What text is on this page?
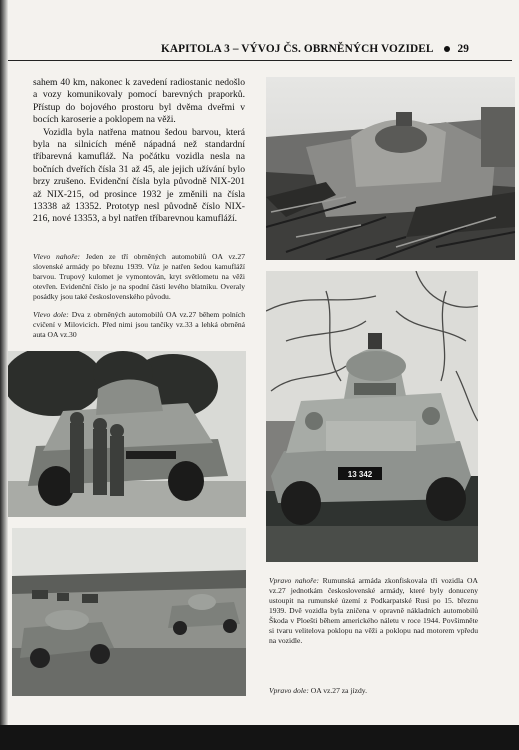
KAPITOLA 3 – VÝVOJ ČS. OBRNĚNÝCH VOZIDEL 29

sahem 40 km, nakonec k zavedení radiostanic nedošlo a vozy komunikovaly pomocí barevných praporků. Přístup do bojového prostoru byl dvěma dveřmi v bocích karoserie a poklopem na věži.

Vozidla byla natřena matnou šedou barvou, která byla na silnicích méně nápadná než standardní tříbarevná kamufláž. Na počátku vozidla nesla na bočních dveřích čísla 31 až 45, ale jejich užívání bylo brzy zrušeno. Evidenční čísla byla původně NIX-201 až NIX-215, od prosince 1932 je změnili na čísla 13338 až 13352. Prototyp nesl původně číslo NIX-216, nové 13353, a byl natřen tříbarevnou kamufláží.

Vlevo nahoře: Jeden ze tří obrněných automobilů OA vz.27 slovenské armády po březnu 1939. Vůz je natřen šedou kamufláží barvou. Trupový kulomet je vymontován, kryt světlometu na věži otevřen. Evidenční číslo je na spodní části levého blatníku. Overaly posádky jsou také československého původu.
Vlevo dole: Dva z obrněných automobilů OA vz.27 během polních cvičení v Milovicích. Před nimi jsou tančíky vz.33 a lehká obrněná auta OA vz.30
13 342
Vpravo nahoře: Rumunská armáda zkonfiskovala tři vozidla OA vz.27 jednotkám československé armády, které byly donuceny ustoupit na rumunské území z Podkarpatské Rusi po 15. březnu 1939. Dvě vozidla byla zničena v opravně nákladních automobilů Škoda v Ploešti během amerického náletu v roce 1944. Povšimněte si tvaru velitelova poklopu na věži a poklopu nad motorem vpředu na vozidle.
Vpravo dole: OA vz.27 za jízdy.
